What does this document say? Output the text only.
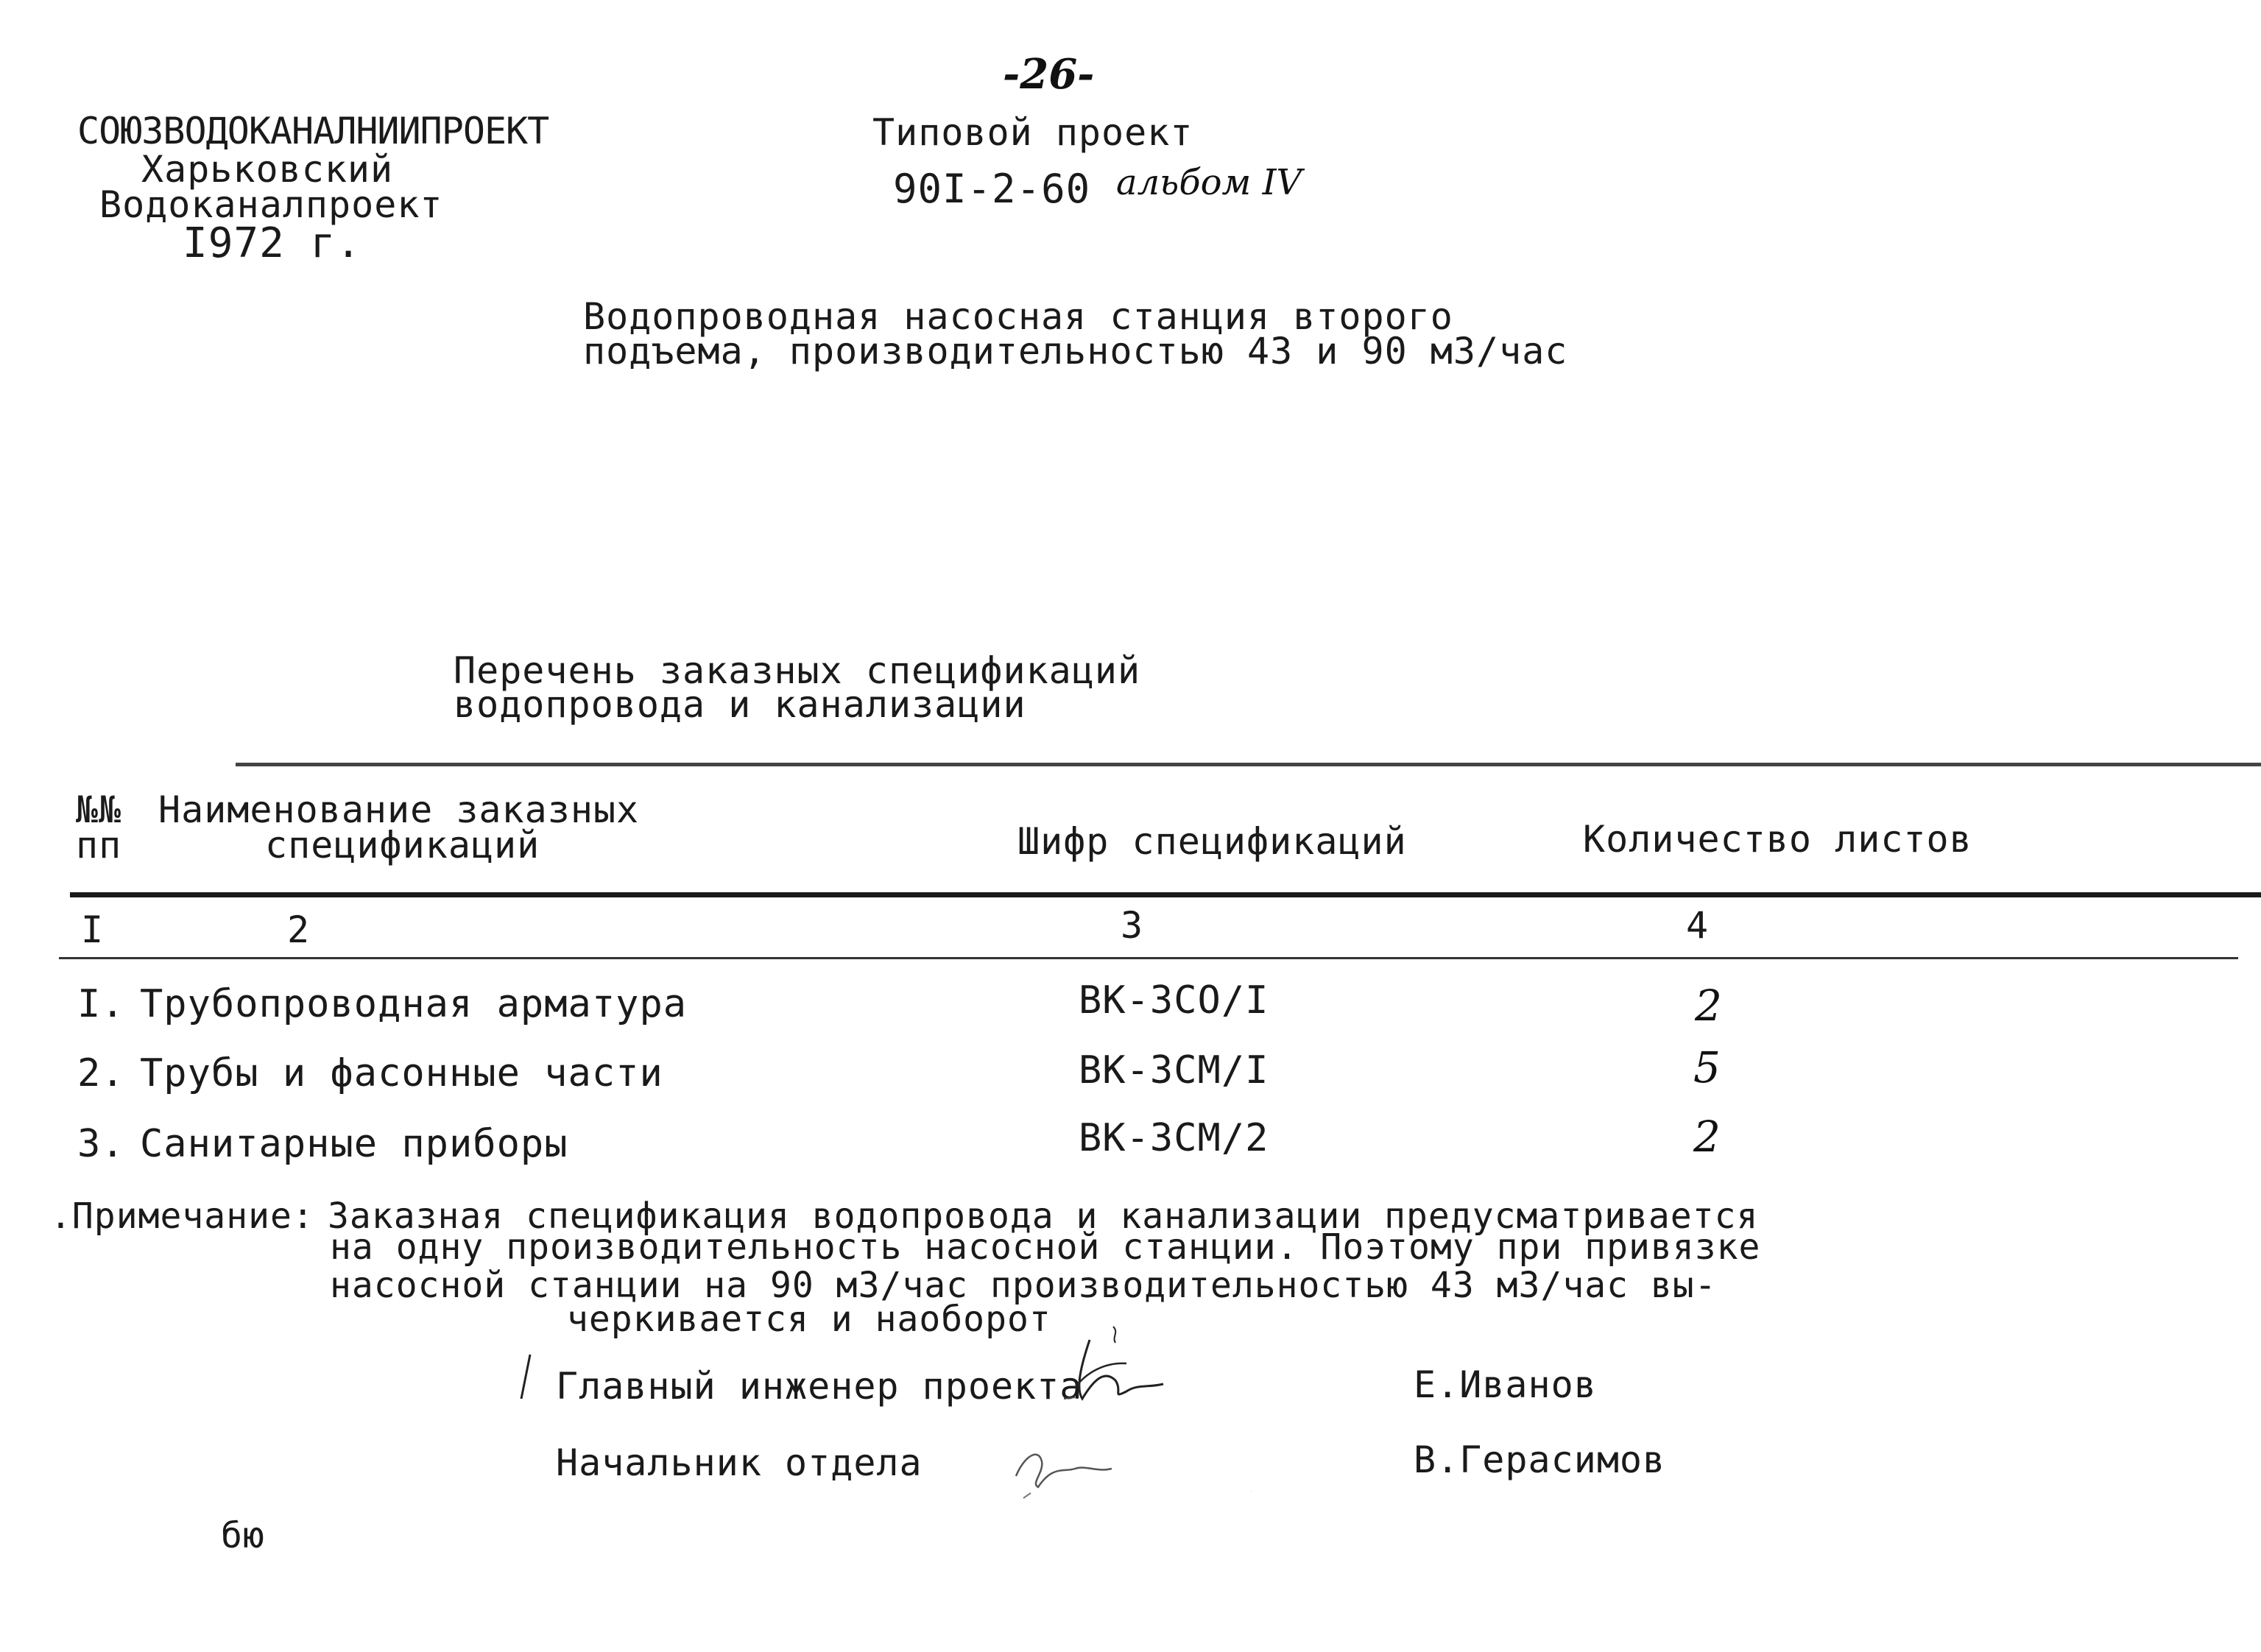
-26-
СОЮЗВОДОКАНАЛНИИПРОЕКТ
Харьковский
Водоканалпроект
I972 г.
Типовой проект
90I-2-60 альбом IV
Водопроводная насосная станция второго
подъема, производительностью 43 и 90 м3/час
Перечень заказных спецификаций
водопровода и канализации
№№
пп
Наименование заказных
спецификаций	Шифр спецификаций	Количество листов
I	2	3	4
I. Трубопроводная арматура	ВК-3СО/I	2
2. Трубы и фасонные части	ВК-3СМ/I	5
3. Санитарные приборы	ВК-3СМ/2	2
.Примечание: Заказная спецификация водопровода и канализации предусматривается
на одну производительность насосной станции. Поэтому при привязке
насосной станции на 90 м3/час производительностью 43 м3/час вы-
черкивается и наоборот
Главный инженер проекта	Е.Иванов
Начальник отдела	В.Герасимов
бю
